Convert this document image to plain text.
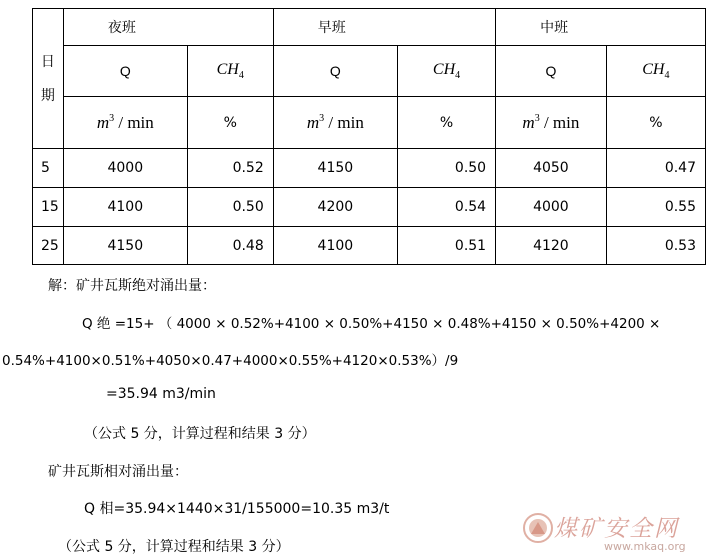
日
期	夜班		早班		中班	
	Q	$CH_4$	Q	$CH_4$	Q	$CH_4$
	$m^3$ / min	%	$m^3$ / min	%	$m^3$ / min	%
5	4000	0.52	4150	0.50	4050	0.47
15	4100	0.50	4200	0.54	4000	0.55
25	4150	0.48	4100	0.51	4120	0.53
解：矿井瓦斯绝对涌出量：
Q 绝 =15+ （ 4000 × 0.52%+4100 × 0.50%+4150 × 0.48%+4150 × 0.50%+4200 ×
0.54%+4100×0.51%+4050×0.47+4000×0.55%+4120×0.53%）/9
=35.94 m3/min
（公式 5 分，计算过程和结果 3 分）
矿井瓦斯相对涌出量：
Q 相=35.94×1440×31/155000=10.35 m3/t
（公式 5 分，计算过程和结果 3 分）
煤矿安全网
www.mkaq.org
